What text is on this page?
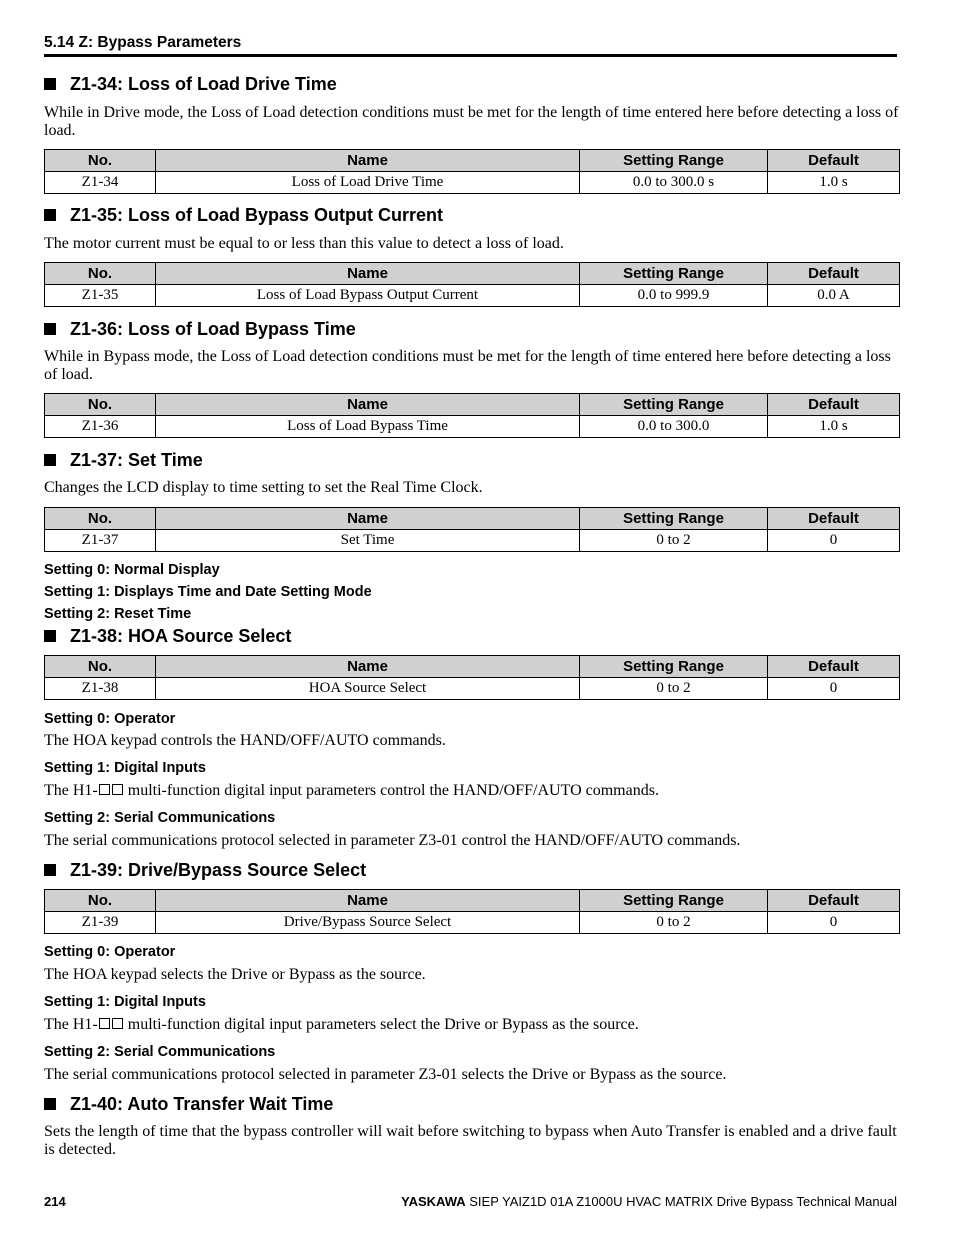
5.14 Z: Bypass Parameters
Z1-34: Loss of Load Drive Time
While in Drive mode, the Loss of Load detection conditions must be met for the length of time entered here before detecting a loss of load.
No.	Name	Setting Range	Default
Z1-34	Loss of Load Drive Time	0.0 to 300.0 s	1.0 s
Z1-35: Loss of Load Bypass Output Current
The motor current must be equal to or less than this value to detect a loss of load.
No.	Name	Setting Range	Default
Z1-35	Loss of Load Bypass Output Current	0.0 to 999.9	0.0 A
Z1-36: Loss of Load Bypass Time
While in Bypass mode, the Loss of Load detection conditions must be met for the length of time entered here before detecting a loss of load.
No.	Name	Setting Range	Default
Z1-36	Loss of Load Bypass Time	0.0 to 300.0	1.0 s
Z1-37: Set Time
Changes the LCD display to time setting to set the Real Time Clock.
No.	Name	Setting Range	Default
Z1-37	Set Time	0 to 2	0
Setting 0: Normal Display
Setting 1: Displays Time and Date Setting Mode
Setting 2: Reset Time
Z1-38: HOA Source Select
No.	Name	Setting Range	Default
Z1-38	HOA Source Select	0 to 2	0
Setting 0: Operator
The HOA keypad controls the HAND/OFF/AUTO commands.
Setting 1: Digital Inputs
The H1- multi-function digital input parameters control the HAND/OFF/AUTO commands.
Setting 2: Serial Communications
The serial communications protocol selected in parameter Z3-01 control the HAND/OFF/AUTO commands.
Z1-39: Drive/Bypass Source Select
No.	Name	Setting Range	Default
Z1-39	Drive/Bypass Source Select	0 to 2	0
Setting 0: Operator
The HOA keypad selects the Drive or Bypass as the source.
Setting 1: Digital Inputs
The H1- multi-function digital input parameters select the Drive or Bypass as the source.
Setting 2: Serial Communications
The serial communications protocol selected in parameter Z3-01 selects the Drive or Bypass as the source.
Z1-40: Auto Transfer Wait Time
Sets the length of time that the bypass controller will wait before switching to bypass when Auto Transfer is enabled and a drive fault is detected.
214	YASKAWA SIEP YAIZ1D 01A Z1000U HVAC MATRIX Drive Bypass Technical Manual
